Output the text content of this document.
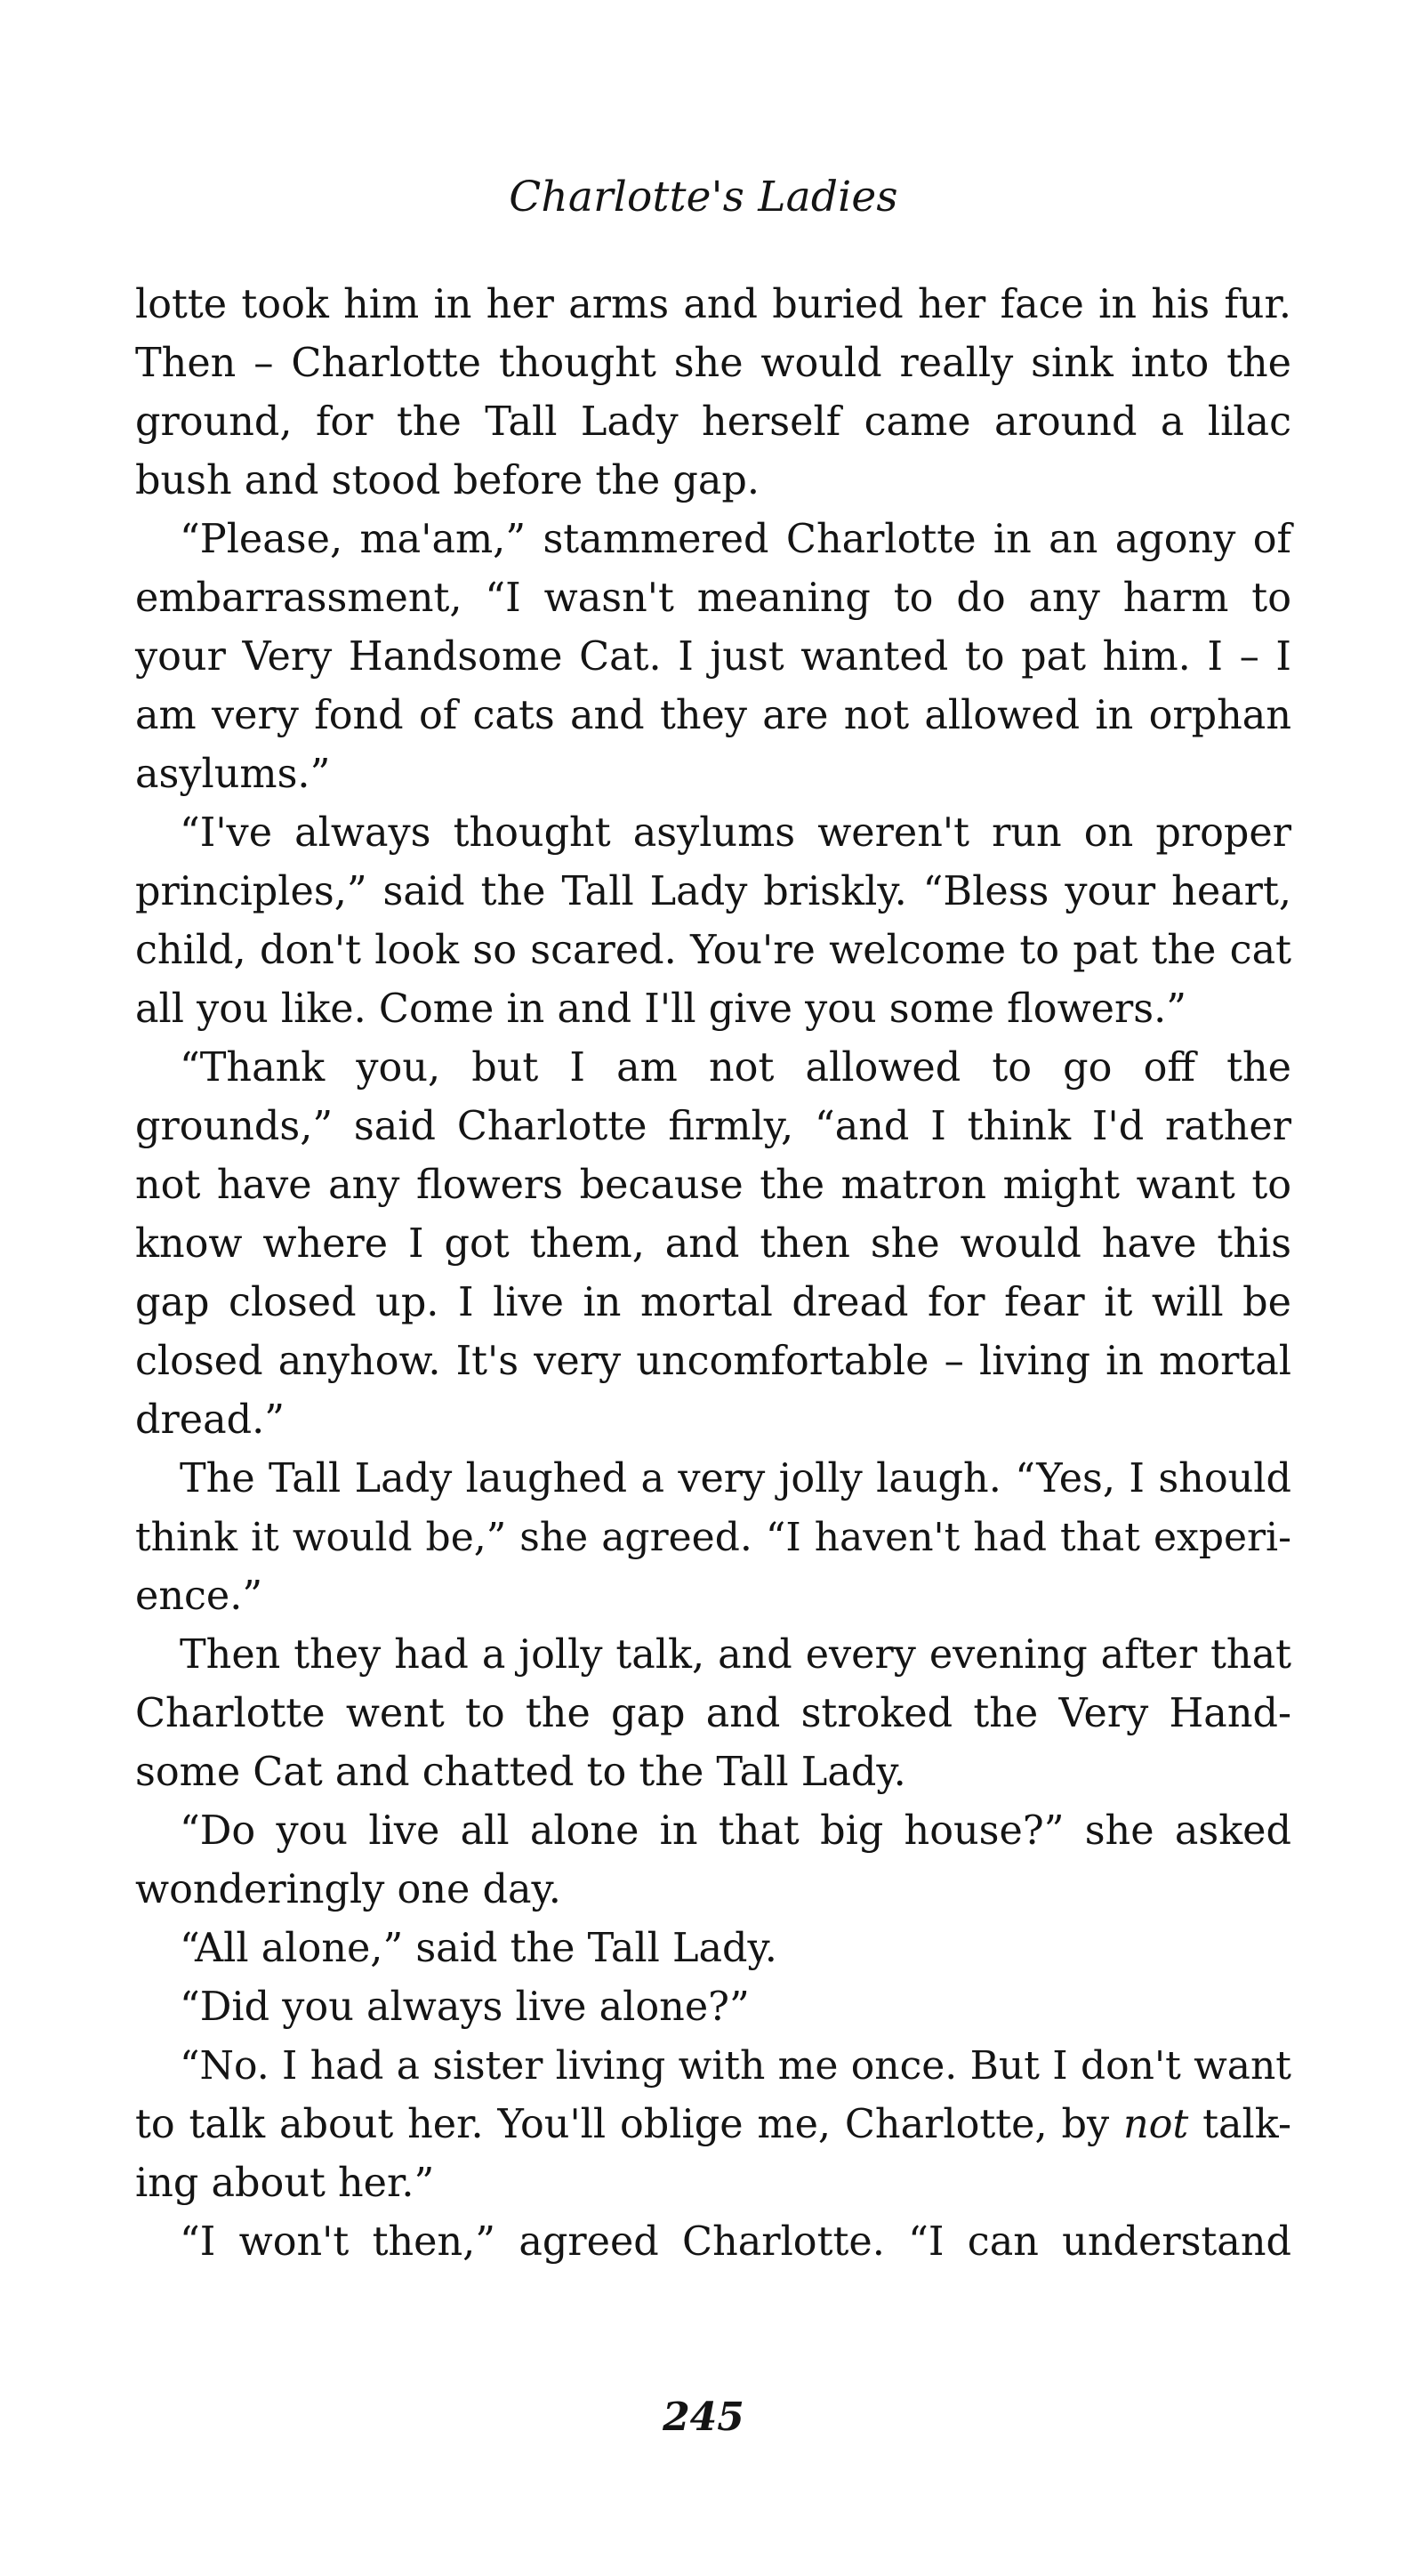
Charlotte's Ladies
lotte took him in her arms and buried her face in his fur.
Then – Charlotte thought she would really sink into the
ground, for the Tall Lady herself came around a lilac
bush and stood before the gap.
“Please, ma'am,” stammered Charlotte in an agony of
embarrassment, “I wasn't meaning to do any harm to
your Very Handsome Cat. I just wanted to pat him. I – I
am very fond of cats and they are not allowed in orphan
asylums.”
“I've always thought asylums weren't run on proper
principles,” said the Tall Lady briskly. “Bless your heart,
child, don't look so scared. You're welcome to pat the cat
all you like. Come in and I'll give you some flowers.”
“Thank you, but I am not allowed to go off the
grounds,” said Charlotte firmly, “and I think I'd rather
not have any flowers because the matron might want to
know where I got them, and then she would have this
gap closed up. I live in mortal dread for fear it will be
closed anyhow. It's very uncomfortable – living in mortal
dread.”
The Tall Lady laughed a very jolly laugh. “Yes, I should
think it would be,” she agreed. “I haven't had that experi-
ence.”
Then they had a jolly talk, and every evening after that
Charlotte went to the gap and stroked the Very Hand-
some Cat and chatted to the Tall Lady.
“Do you live all alone in that big house?” she asked
wonderingly one day.
“All alone,” said the Tall Lady.
“Did you always live alone?”
“No. I had a sister living with me once. But I don't want
to talk about her. You'll oblige me, Charlotte, by not talk-
ing about her.”
“I won't then,” agreed Charlotte. “I can understand
245
